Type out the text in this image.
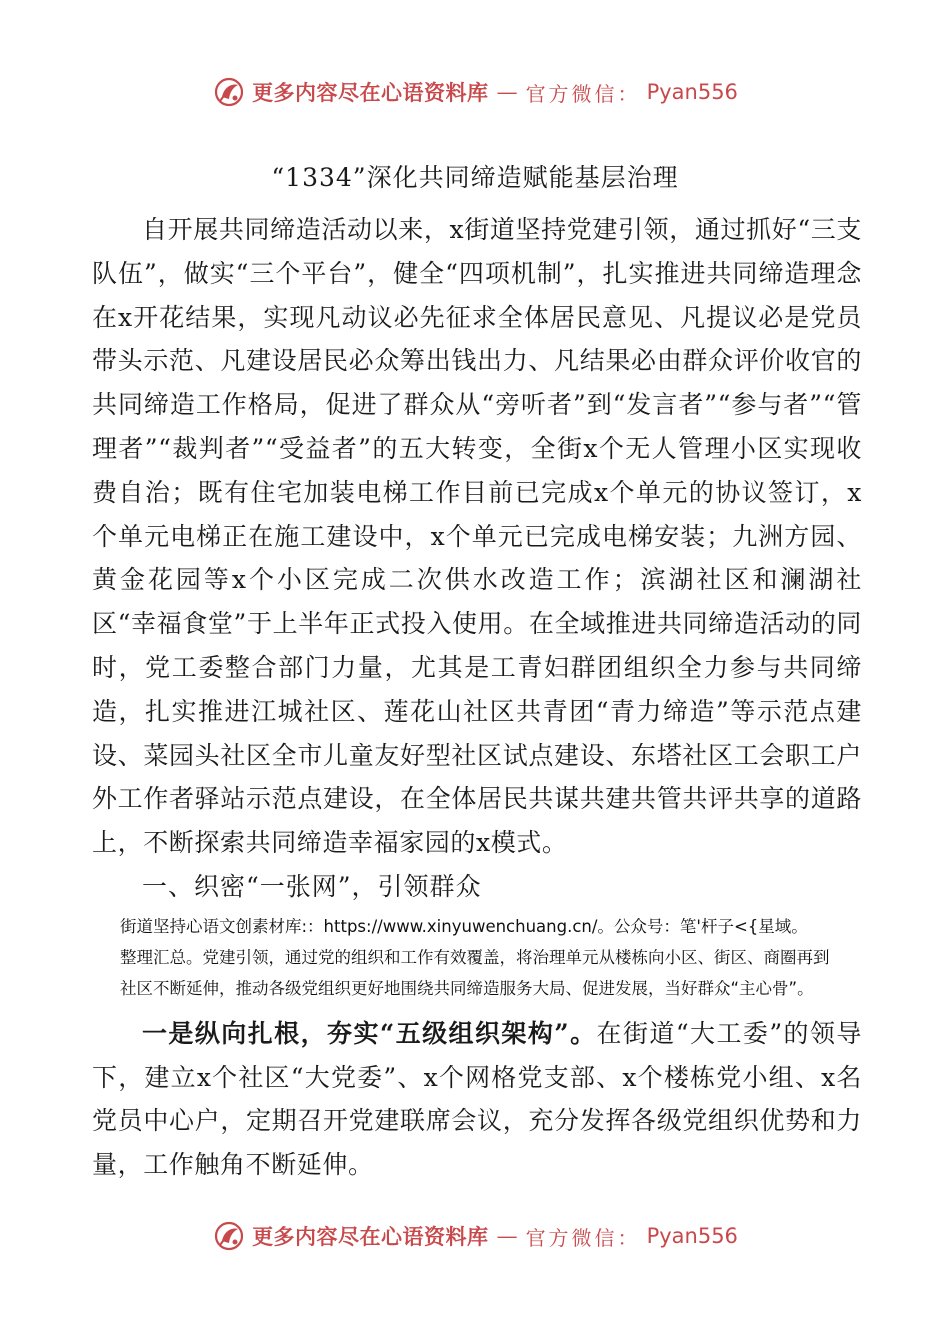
更多内容尽在心语资料库 — 官方微信： Pyan556
“1334”深化共同缔造赋能基层治理

自开展共同缔造活动以来，x街道坚持党建引领，通过抓好“三支队伍”，做实“三个平台”，健全“四项机制”，扎实推进共同缔造理念在x开花结果，实现凡动议必先征求全体居民意见、凡提议必是党员带头示范、凡建设居民必众筹出钱出力、凡结果必由群众评价收官的共同缔造工作格局，促进了群众从“旁听者”到“发言者”“参与者”“管理者”“裁判者”“受益者”的五大转变，全街x个无人管理小区实现收费自治；既有住宅加装电梯工作目前已完成x个单元的协议签订，x个单元电梯正在施工建设中，x个单元已完成电梯安装；九洲方园、黄金花园等x个小区完成二次供水改造工作；滨湖社区和澜湖社区“幸福食堂”于上半年正式投入使用。在全域推进共同缔造活动的同时，党工委整合部门力量，尤其是工青妇群团组织全力参与共同缔造，扎实推进江城社区、莲花山社区共青团“青力缔造”等示范点建设、菜园头社区全市儿童友好型社区试点建设、东塔社区工会职工户外工作者驿站示范点建设，在全体居民共谋共建共管共评共享的道路上，不断探索共同缔造幸福家园的x模式。

一、织密“一张网”，引领群众

街道坚持心语文创素材库:：https://www.xinyuwenchuang.cn/。公众号：笔'杆子<{星域。
整理汇总。党建引领，通过党的组织和工作有效覆盖，将治理单元从楼栋向小区、街区、商圈再到
社区不断延伸，推动各级党组织更好地围绕共同缔造服务大局、促进发展，当好群众“主心骨”。

一是纵向扎根，夯实“五级组织架构”。在街道“大工委”的领导下，建立x个社区“大党委”、x个网格党支部、x个楼栋党小组、x名党员中心户，定期召开党建联席会议，充分发挥各级党组织优势和力量，工作触角不断延伸。

更多内容尽在心语资料库 — 官方微信： Pyan556
